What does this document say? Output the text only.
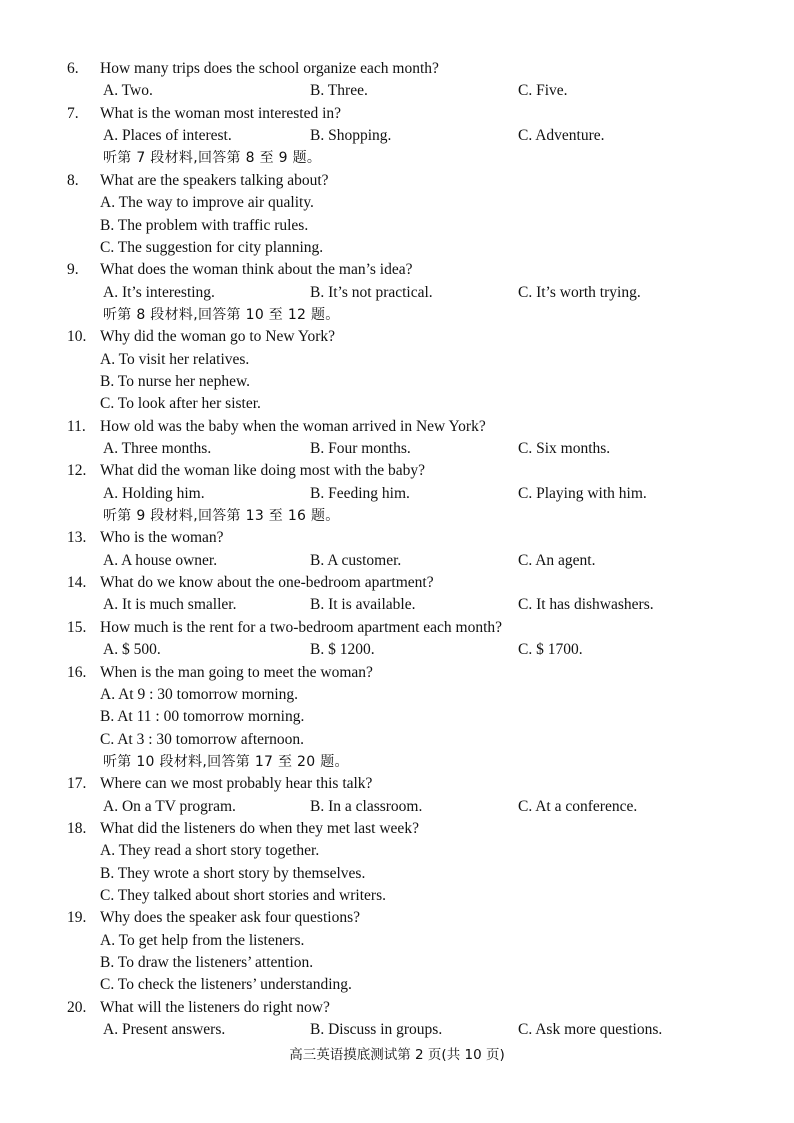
6. How many trips does the school organize each month?
A. Two.	B. Three.	C. Five.
7. What is the woman most interested in?
A. Places of interest.	B. Shopping.	C. Adventure.
听第 7 段材料,回答第 8 至 9 题。
8. What are the speakers talking about?
A. The way to improve air quality.
B. The problem with traffic rules.
C. The suggestion for city planning.
9. What does the woman think about the man’s idea?
A. It’s interesting.	B. It’s not practical.	C. It’s worth trying.
听第 8 段材料,回答第 10 至 12 题。
10. Why did the woman go to New York?
A. To visit her relatives.
B. To nurse her nephew.
C. To look after her sister.
11. How old was the baby when the woman arrived in New York?
A. Three months.	B. Four months.	C. Six months.
12. What did the woman like doing most with the baby?
A. Holding him.	B. Feeding him.	C. Playing with him.
听第 9 段材料,回答第 13 至 16 题。
13. Who is the woman?
A. A house owner.	B. A customer.	C. An agent.
14. What do we know about the one-bedroom apartment?
A. It is much smaller.	B. It is available.	C. It has dishwashers.
15. How much is the rent for a two-bedroom apartment each month?
A. $ 500.	B. $ 1200.	C. $ 1700.
16. When is the man going to meet the woman?
A. At 9 : 30 tomorrow morning.
B. At 11 : 00 tomorrow morning.
C. At 3 : 30 tomorrow afternoon.
听第 10 段材料,回答第 17 至 20 题。
17. Where can we most probably hear this talk?
A. On a TV program.	B. In a classroom.	C. At a conference.
18. What did the listeners do when they met last week?
A. They read a short story together.
B. They wrote a short story by themselves.
C. They talked about short stories and writers.
19. Why does the speaker ask four questions?
A. To get help from the listeners.
B. To draw the listeners’ attention.
C. To check the listeners’ understanding.
20. What will the listeners do right now?
A. Present answers.	B. Discuss in groups.	C. Ask more questions.
高三英语摸底测试第 2 页(共 10 页)
